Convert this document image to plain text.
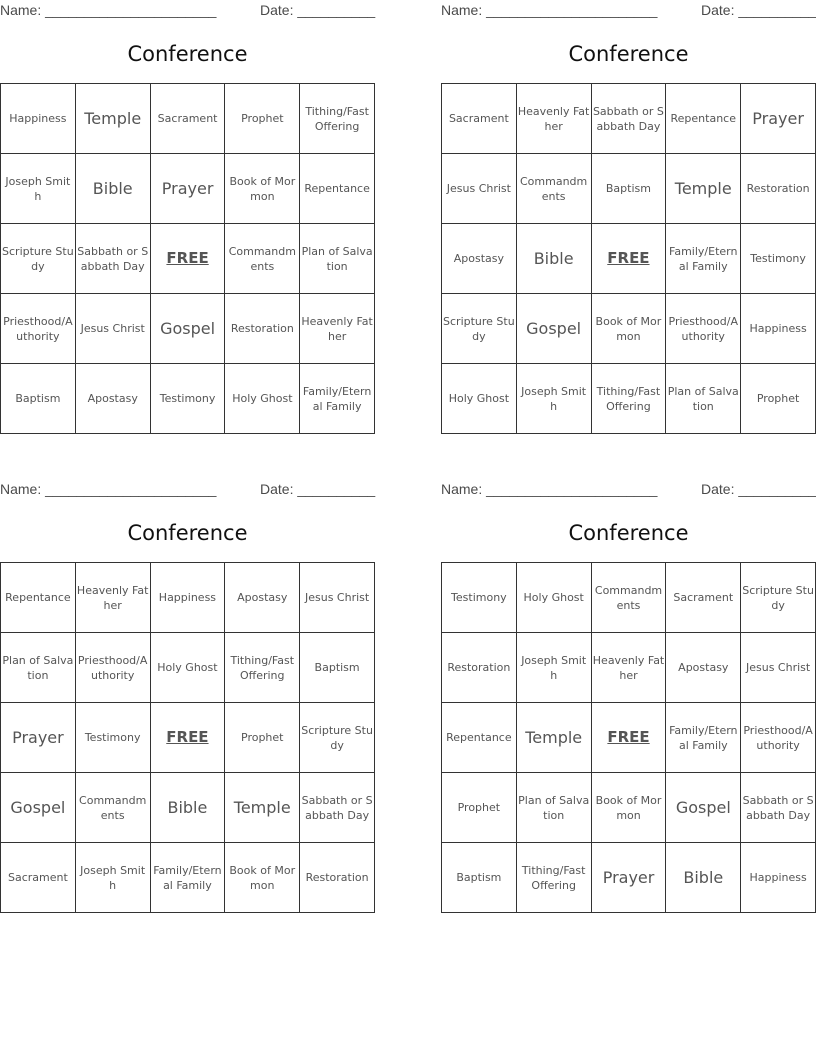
Name: ______________________	Date: __________
Conference
Happiness	Temple	Sacrament	Prophet	Tithing/Fast Offering
Joseph Smith	Bible	Prayer	Book of Mormon	Repentance
Scripture Study	Sabbath or Sabbath Day	FREE	Commandments	Plan of Salvation
Priesthood/Authority	Jesus Christ	Gospel	Restoration	Heavenly Father
Baptism	Apostasy	Testimony	Holy Ghost	Family/Eternal Family
Name: ______________________	Date: __________
Conference
Sacrament	Heavenly Father	Sabbath or Sabbath Day	Repentance	Prayer
Jesus Christ	Commandments	Baptism	Temple	Restoration
Apostasy	Bible	FREE	Family/Eternal Family	Testimony
Scripture Study	Gospel	Book of Mormon	Priesthood/Authority	Happiness
Holy Ghost	Joseph Smith	Tithing/Fast Offering	Plan of Salvation	Prophet
Name: ______________________	Date: __________
Conference
Repentance	Heavenly Father	Happiness	Apostasy	Jesus Christ
Plan of Salvation	Priesthood/Authority	Holy Ghost	Tithing/Fast Offering	Baptism
Prayer	Testimony	FREE	Prophet	Scripture Study
Gospel	Commandments	Bible	Temple	Sabbath or Sabbath Day
Sacrament	Joseph Smith	Family/Eternal Family	Book of Mormon	Restoration
Name: ______________________	Date: __________
Conference
Testimony	Holy Ghost	Commandments	Sacrament	Scripture Study
Restoration	Joseph Smith	Heavenly Father	Apostasy	Jesus Christ
Repentance	Temple	FREE	Family/Eternal Family	Priesthood/Authority
Prophet	Plan of Salvation	Book of Mormon	Gospel	Sabbath or Sabbath Day
Baptism	Tithing/Fast Offering	Prayer	Bible	Happiness
